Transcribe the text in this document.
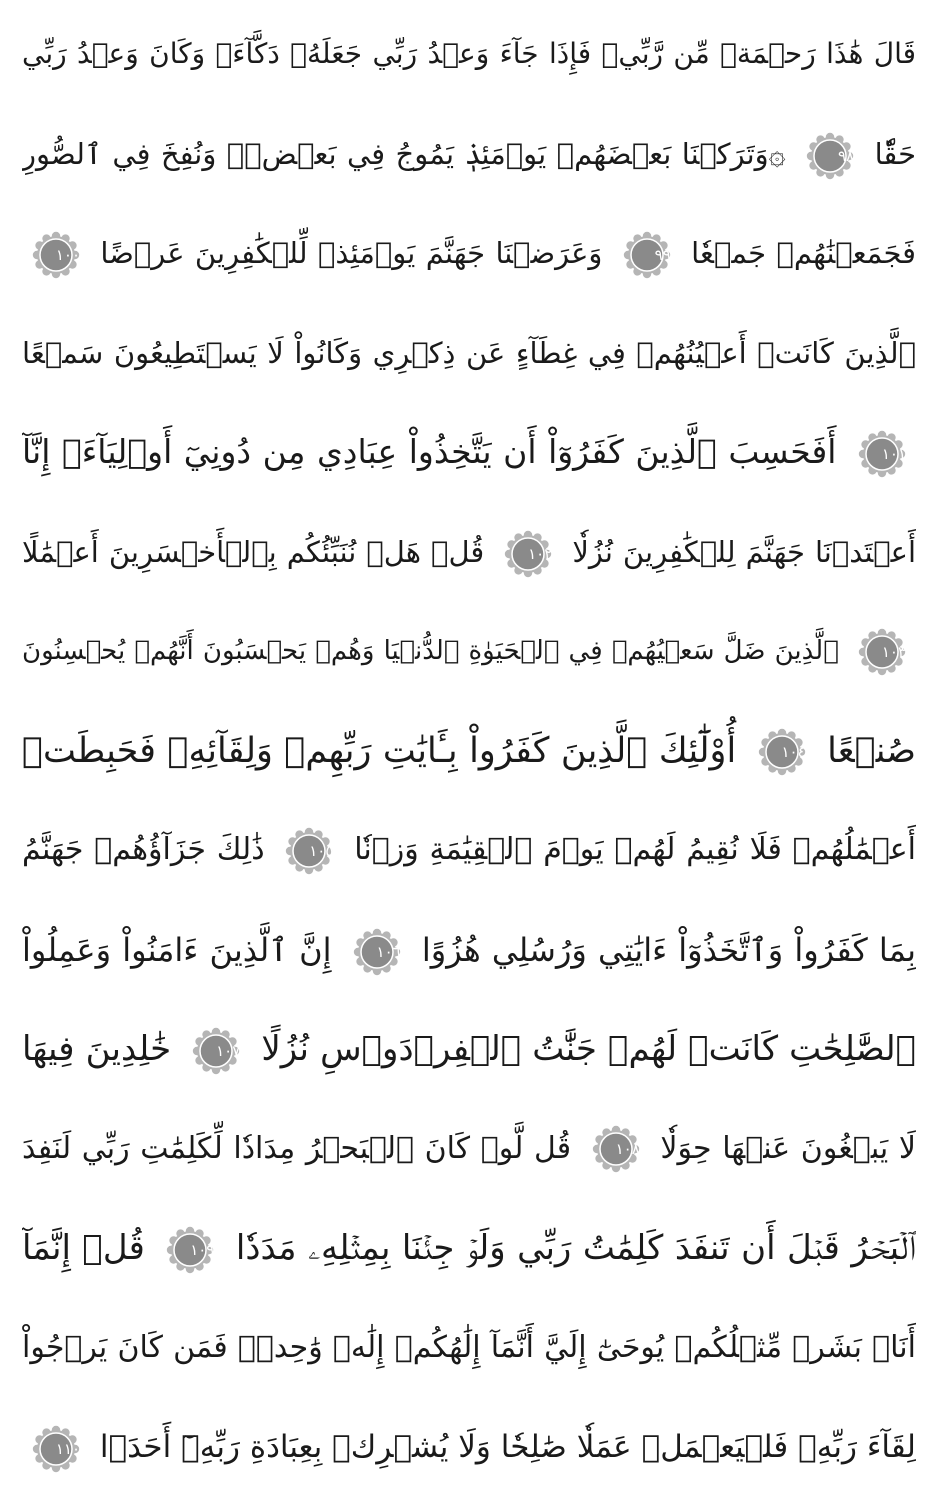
قَالَ هَٰذَا رَحۡمَةٞ مِّن رَّبِّيۖ فَإِذَا جَآءَ وَعۡدُ رَبِّي جَعَلَهُۥ دَكَّآءَۖ وَكَانَ وَعۡدُ رَبِّي
حَقّٗا
٩٨
۞وَتَرَكۡنَا بَعۡضَهُمۡ يَوۡمَئِذٖ يَمُوجُ فِي بَعۡضٖۖ وَنُفِخَ فِي ٱلصُّورِ
فَجَمَعۡنَٰهُمۡ جَمۡعٗا
٩٩
وَعَرَضۡنَا جَهَنَّمَ يَوۡمَئِذٖ لِّلۡكَٰفِرِينَ عَرۡضًا
١٠٠
ٱلَّذِينَ كَانَتۡ أَعۡيُنُهُمۡ فِي غِطَآءٍ عَن ذِكۡرِي وَكَانُواْ لَا يَسۡتَطِيعُونَ سَمۡعًا
١٠١
أَفَحَسِبَ ٱلَّذِينَ كَفَرُوٓاْ أَن يَتَّخِذُواْ عِبَادِي مِن دُونِيٓ أَوۡلِيَآءَۚ إِنَّآ
أَعۡتَدۡنَا جَهَنَّمَ لِلۡكَٰفِرِينَ نُزُلٗا
١٠٢
قُلۡ هَلۡ نُنَبِّئُكُم بِٱلۡأَخۡسَرِينَ أَعۡمَٰلًا
١٠٣
ٱلَّذِينَ ضَلَّ سَعۡيُهُمۡ فِي ٱلۡحَيَوٰةِ ٱلدُّنۡيَا وَهُمۡ يَحۡسَبُونَ أَنَّهُمۡ يُحۡسِنُونَ
صُنۡعًا
١٠٤
أُوْلَٰٓئِكَ ٱلَّذِينَ كَفَرُواْ بِـَٔايَٰتِ رَبِّهِمۡ وَلِقَآئِهِۦ فَحَبِطَتۡ
أَعۡمَٰلُهُمۡ فَلَا نُقِيمُ لَهُمۡ يَوۡمَ ٱلۡقِيَٰمَةِ وَزۡنٗا
١٠٥
ذَٰلِكَ جَزَآؤُهُمۡ جَهَنَّمُ
بِمَا كَفَرُواْ وَٱتَّخَذُوٓاْ ءَايَٰتِي وَرُسُلِي هُزُوًا
١٠٦
إِنَّ ٱلَّذِينَ ءَامَنُواْ وَعَمِلُواْ
ٱلصَّٰلِحَٰتِ كَانَتۡ لَهُمۡ جَنَّٰتُ ٱلۡفِرۡدَوۡسِ نُزُلًا
١٠٧
خَٰلِدِينَ فِيهَا
لَا يَبۡغُونَ عَنۡهَا حِوَلٗا
١٠٨
قُل لَّوۡ كَانَ ٱلۡبَحۡرُ مِدَادٗا لِّكَلِمَٰتِ رَبِّي لَنَفِدَ
ٱلۡبَحۡرُ قَبۡلَ أَن تَنفَدَ كَلِمَٰتُ رَبِّي وَلَوۡ جِئۡنَا بِمِثۡلِهِۦ مَدَدٗا
١٠٩
قُلۡ إِنَّمَآ
أَنَا۠ بَشَرٞ مِّثۡلُكُمۡ يُوحَىٰٓ إِلَيَّ أَنَّمَآ إِلَٰهُكُمۡ إِلَٰهٞ وَٰحِدٞۖ فَمَن كَانَ يَرۡجُواْ
لِقَآءَ رَبِّهِۦ فَلۡيَعۡمَلۡ عَمَلٗا صَٰلِحٗا وَلَا يُشۡرِكۡ بِعِبَادَةِ رَبِّهِۦٓ أَحَدَۢا
١١٠
